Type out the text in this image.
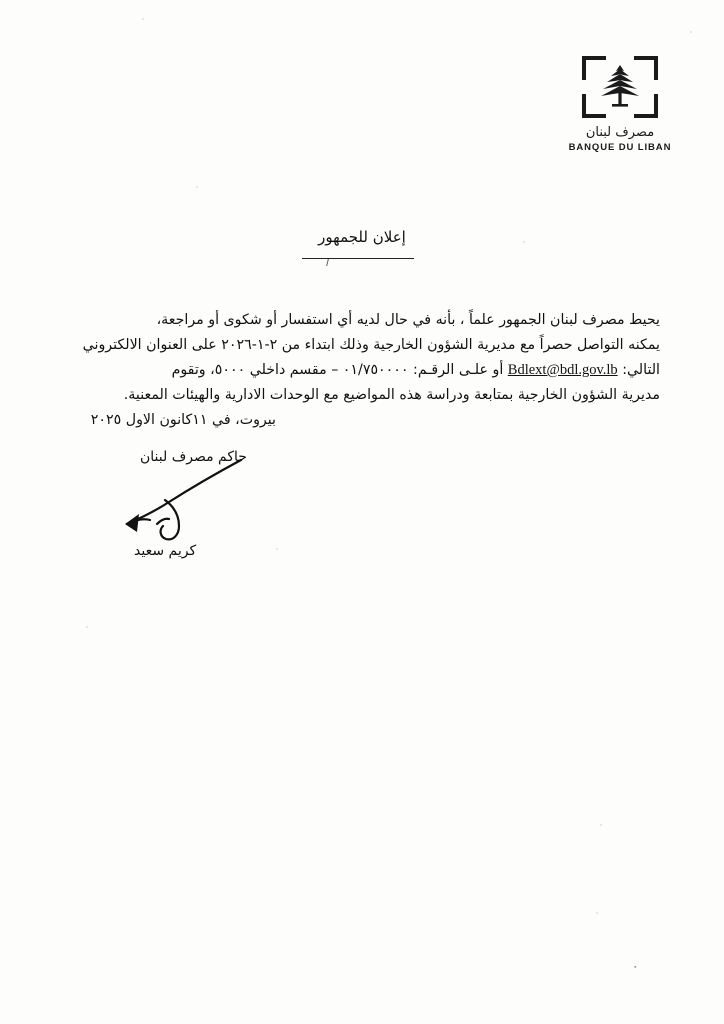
مصرف لبنان
BANQUE DU LIBAN
إعلان للجمهور

يحيط مصرف لبنان الجمهور علماً ، بأنه في حال لديه أي استفسار أو شكوى أو مراجعة،

يمكنه التواصل حصراً مع مديرية الشؤون الخارجية وذلك ابتداء من ٢-١-٢٠٢٦ على العنوان الالكتروني

التالي: Bdlext@bdl.gov.lb أو علـى الرقـم: ٠١/٧٥٠٠٠٠ – مقسم داخلي ٥٠٠٠، وتقوم

مديرية الشؤون الخارجية بمتابعة ودراسة هذه المواضيع مع الوحدات الادارية والهيئات المعنية.

بيروت، في ١١كانون الاول ٢٠٢٥
حاكم مصرف لبنان
كريم سعيد
▪
